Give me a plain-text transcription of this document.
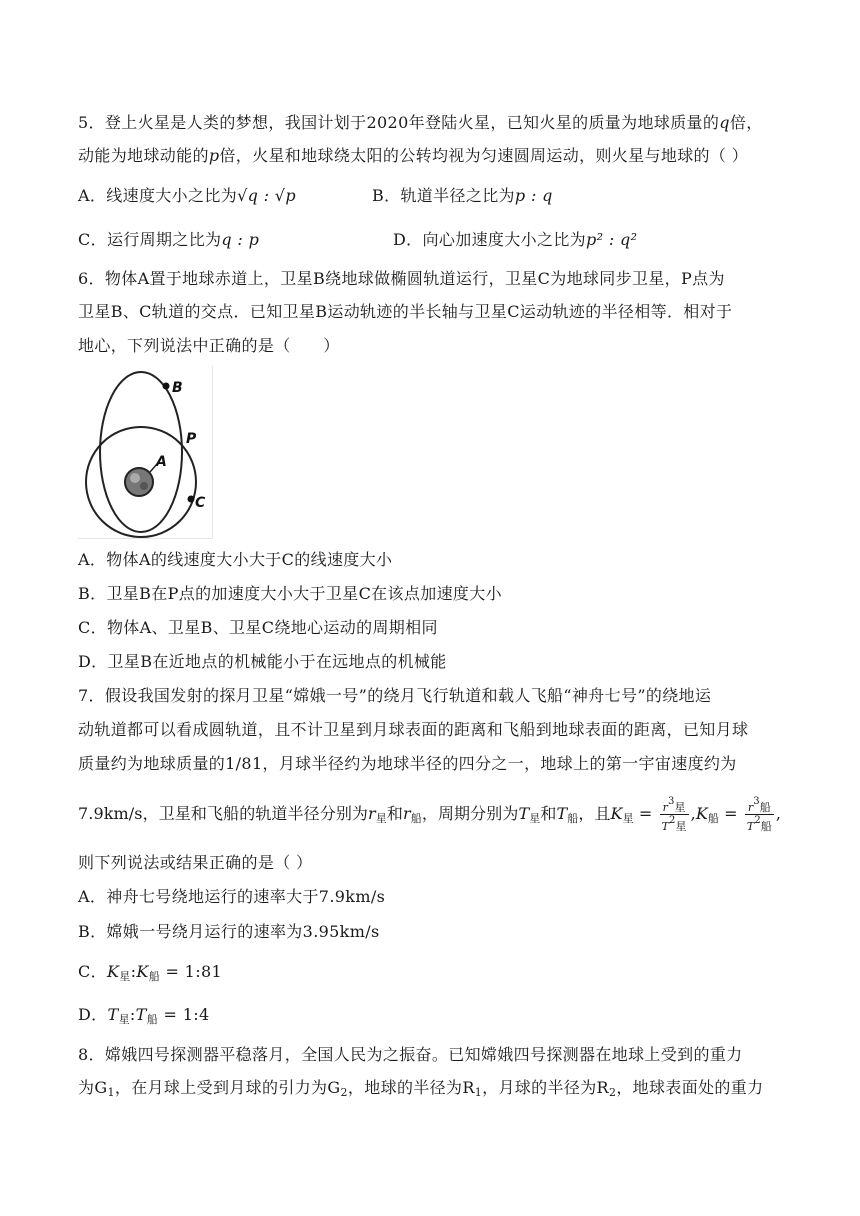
5．登上火星是人类的梦想，我国计划于2020年登陆火星，已知火星的质量为地球质量的q倍，
动能为地球动能的p倍，火星和地球绕太阳的公转均视为匀速圆周运动，则火星与地球的（ ）
A．线速度大小之比为√q : √p	B．轨道半径之比为p : q
C．运行周期之比为q : p	D．向心加速度大小之比为p² : q²
6．物体A置于地球赤道上，卫星B绕地球做椭圆轨道运行，卫星C为地球同步卫星，P点为
卫星B、C轨道的交点．已知卫星B运动轨迹的半长轴与卫星C运动轨迹的半径相等．相对于
地心，下列说法中正确的是（　　）
A
B
P
C
A．物体A的线速度大小大于C的线速度大小
B．卫星B在P点的加速度大小大于卫星C在该点加速度大小
C．物体A、卫星B、卫星C绕地心运动的周期相同
D．卫星B在近地点的机械能小于在远地点的机械能
7．假设我国发射的探月卫星“嫦娥一号”的绕月飞行轨道和载人飞船“神舟七号”的绕地运
动轨道都可以看成圆轨道，且不计卫星到月球表面的距离和飞船到地球表面的距离，已知月球
质量约为地球质量的1/81，月球半径约为地球半径的四分之一，地球上的第一宇宙速度约为
7.9km/s，卫星和飞船的轨道半径分别为$r_星$和$r_船$，周期分别为$T_星$和$T_船$，且$K_星 = \frac{\text{r3星}}{\text{T2星}} ,K_船 = \frac{\text{r3船}}{\text{T2船}}$ ,
则下列说法或结果正确的是（ ）
A．神舟七号绕地运行的速率大于7.9km/s
B．嫦娥一号绕月运行的速率为3.95km/s
C．$K_星:K_船$ = 1:81
D．$T_星:T_船$ = 1:4
8．嫦娥四号探测器平稳落月，全国人民为之振奋。已知嫦娥四号探测器在地球上受到的重力
为$G_1$，在月球上受到月球的引力为$G_2$，地球的半径为$R_1$，月球的半径为$R_2$，地球表面处的重力
